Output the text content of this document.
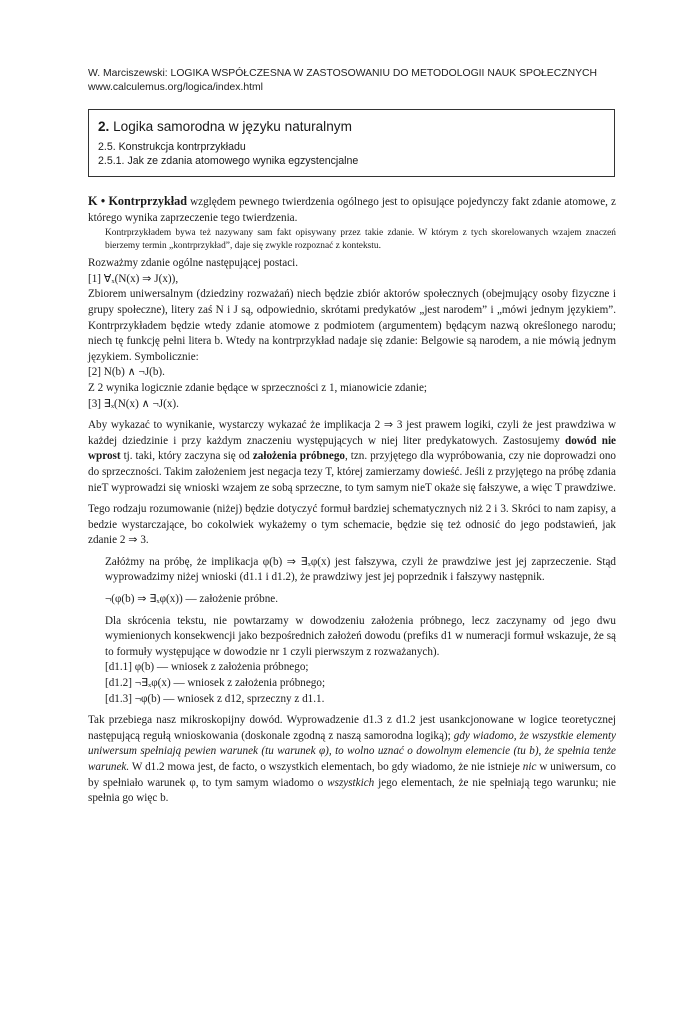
W. Marciszewski: LOGIKA WSPÓŁCZESNA W ZASTOSOWANIU DO METODOLOGII NAUK SPOŁECZNYCH
www.calculemus.org/logica/index.html
2. Logika samorodna w języku naturalnym
2.5. Konstrukcja kontrprzykładu
2.5.1. Jak ze zdania atomowego wynika egzystencjalne

K • Kontrprzykład względem pewnego twierdzenia ogólnego jest to opisujące pojedynczy fakt zdanie atomowe, z którego wynika zaprzeczenie tego twierdzenia.

Kontrprzykładem bywa też nazywany sam fakt opisywany przez takie zdanie. W którym z tych skorelowanych wzajem znaczeń bierzemy termin „kontrprzykład”, daje się zwykle rozpoznać z kontekstu.

Rozważmy zdanie ogólne następującej postaci.

[1] ∀ₓ(N(x) ⇒ J(x)),

Zbiorem uniwersalnym (dziedziny rozważań) niech będzie zbiór aktorów społecznych (obejmujący osoby fizyczne i grupy społeczne), litery zaś N i J są, odpowiednio, skrótami predykatów „jest narodem” i „mówi jednym językiem”. Kontrprzykładem będzie wtedy zdanie atomowe z podmiotem (argumentem) będącym nazwą określonego narodu; niech tę funkcję pełni litera b. Wtedy na kontrprzykład nadaje się zdanie: Belgowie są narodem, a nie mówią jednym językiem. Symbolicznie:

[2] N(b) ∧ ¬J(b).

Z 2 wynika logicznie zdanie będące w sprzeczności z 1, mianowicie zdanie;

[3] ∃ₓ(N(x) ∧ ¬J(x).

Aby wykazać to wynikanie, wystarczy wykazać że implikacja 2 ⇒ 3 jest prawem logiki, czyli że jest prawdziwa w każdej dziedzinie i przy każdym znaczeniu występujących w niej liter predykatowych. Zastosujemy dowód nie wprost tj. taki, który zaczyna się od założenia próbnego, tzn. przyjętego dla wypróbowania, czy nie doprowadzi ono do sprzeczności. Takim założeniem jest negacja tezy T, której zamierzamy dowieść. Jeśli z przyjętego na próbę zdania nieT wyprowadzi się wnioski wzajem ze sobą sprzeczne, to tym samym nieT okaże się fałszywe, a więc T prawdziwe.

Tego rodzaju rozumowanie (niżej) będzie dotyczyć formuł bardziej schematycznych niż 2 i 3. Skróci to nam zapisy, a bedzie wystarczające, bo cokolwiek wykażemy o tym schemacie, będzie się też odnosić do jego podstawień, jak zdanie 2 ⇒ 3.

Załóżmy na próbę, że implikacja φ(b) ⇒ ∃ₓφ(x) jest fałszywa, czyli że prawdziwe jest jej zaprzeczenie. Stąd wyprowadzimy niżej wnioski (d1.1 i d1.2), że prawdziwy jest jej poprzednik i fałszywy następnik.

¬(φ(b) ⇒ ∃ₓφ(x)) — założenie próbne.

Dla skrócenia tekstu, nie powtarzamy w dowodzeniu założenia próbnego, lecz zaczynamy od jego dwu wymienionych konsekwencji jako bezpośrednich założeń dowodu (prefiks d1 w numeracji formuł wskazuje, że są to formuły występujące w dowodzie nr 1 czyli pierwszym z rozważanych).

[d1.1] φ(b) — wniosek z założenia próbnego;

[d1.2] ¬∃ₓφ(x) — wniosek z założenia próbnego;

[d1.3] ¬φ(b) — wniosek z d12, sprzeczny z d1.1.

Tak przebiega nasz mikroskopijny dowód. Wyprowadzenie d1.3 z d1.2 jest usankcjonowane w logice teoretycznej następującą regułą wnioskowania (doskonale zgodną z naszą samorodna logiką); gdy wiadomo, że wszystkie elementy uniwersum spełniają pewien warunek (tu warunek φ), to wolno uznać o dowolnym elemencie (tu b), że spełnia tenże warunek. W d1.2 mowa jest, de facto, o wszystkich elementach, bo gdy wiadomo, że nie istnieje nic w uniwersum, co by spełniało warunek φ, to tym samym wiadomo o wszystkich jego elementach, że nie spełniają tego warunku; nie spełnia go więc b.
